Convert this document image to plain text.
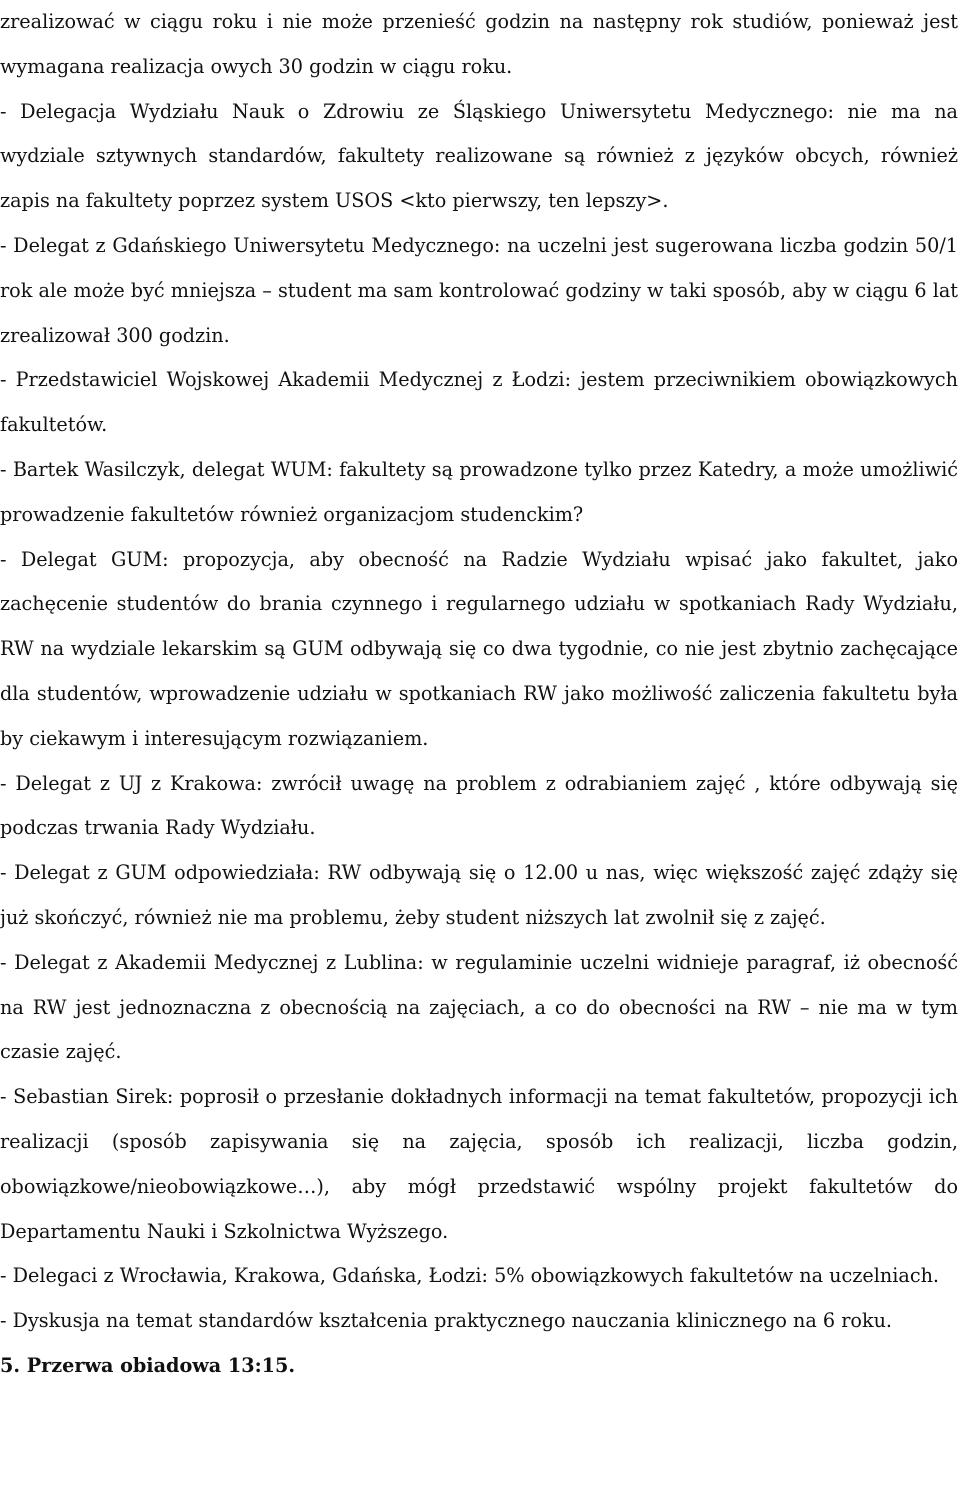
zrealizować w ciągu roku i nie może przenieść godzin na następny rok studiów, ponieważ jest wymagana realizacja owych 30 godzin w ciągu roku.

- Delegacja Wydziału Nauk o Zdrowiu ze Śląskiego Uniwersytetu Medycznego: nie ma na wydziale sztywnych standardów, fakultety realizowane są również z języków obcych, również zapis na fakultety poprzez system USOS <kto pierwszy, ten lepszy>.

- Delegat z Gdańskiego Uniwersytetu Medycznego: na uczelni jest sugerowana liczba godzin 50/1 rok ale może być mniejsza – student ma sam kontrolować godziny w taki sposób, aby w ciągu 6 lat zrealizował 300 godzin.

- Przedstawiciel Wojskowej Akademii Medycznej z Łodzi: jestem przeciwnikiem obowiązkowych fakultetów.

- Bartek Wasilczyk, delegat WUM: fakultety są prowadzone tylko przez Katedry, a może umożliwić prowadzenie fakultetów również organizacjom studenckim?

- Delegat GUM: propozycja, aby obecność na Radzie Wydziału wpisać jako fakultet, jako zachęcenie studentów do brania czynnego i regularnego udziału w spotkaniach Rady Wydziału, RW na wydziale lekarskim są GUM odbywają się co dwa tygodnie, co nie jest zbytnio zachęcające dla studentów, wprowadzenie udziału w spotkaniach RW jako możliwość zaliczenia fakultetu była by ciekawym i interesującym rozwiązaniem.

- Delegat z UJ z Krakowa: zwrócił uwagę na problem z odrabianiem zajęć , które odbywają się podczas trwania Rady Wydziału.

- Delegat z GUM odpowiedziała: RW odbywają się o 12.00 u nas, więc większość zajęć zdąży się już skończyć, również nie ma problemu, żeby student niższych lat zwolnił się z zajęć.

- Delegat z Akademii Medycznej z Lublina: w regulaminie uczelni widnieje paragraf, iż obecność na RW jest jednoznaczna z obecnością na zajęciach, a co do obecności na RW – nie ma w tym czasie zajęć.

- Sebastian Sirek: poprosił o przesłanie dokładnych informacji na temat fakultetów, propozycji ich realizacji (sposób zapisywania się na zajęcia, sposób ich realizacji, liczba godzin, obowiązkowe/nieobowiązkowe…), aby mógł przedstawić wspólny projekt fakultetów do Departamentu Nauki i Szkolnictwa Wyższego.

- Delegaci z Wrocławia, Krakowa, Gdańska, Łodzi: 5% obowiązkowych fakultetów na uczelniach.

- Dyskusja na temat standardów kształcenia praktycznego nauczania klinicznego na 6 roku.

5. Przerwa obiadowa 13:15.
